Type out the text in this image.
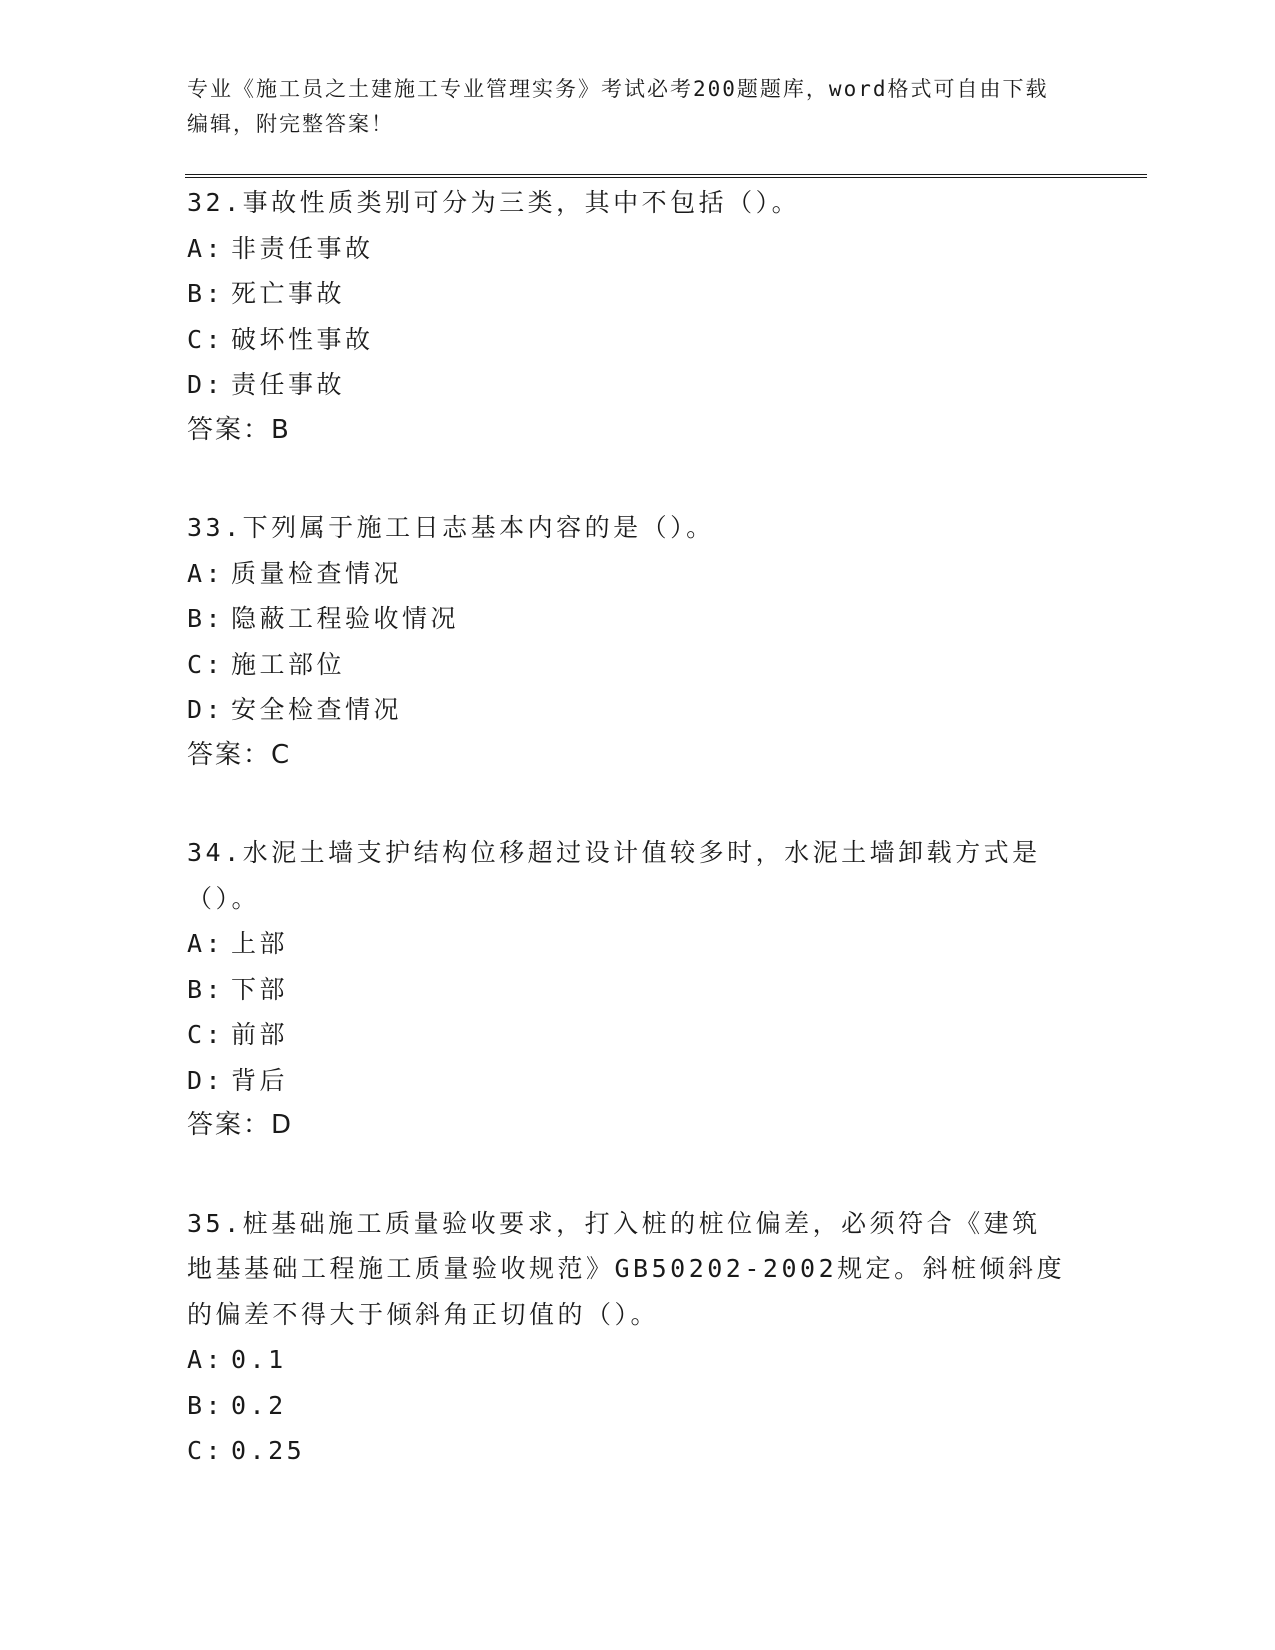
专业《施工员之土建施工专业管理实务》考试必考200题题库，word格式可自由下载编辑，附完整答案！
32.事故性质类别可分为三类，其中不包括（）。
A: 非责任事故
B: 死亡事故
C: 破坏性事故
D: 责任事故
答案：B
33.下列属于施工日志基本内容的是（）。
A: 质量检查情况
B: 隐蔽工程验收情况
C: 施工部位
D: 安全检查情况
答案：C
34.水泥土墙支护结构位移超过设计值较多时，水泥土墙卸载方式是（）。
A: 上部
B: 下部
C: 前部
D: 背后
答案：D
35.桩基础施工质量验收要求，打入桩的桩位偏差，必须符合《建筑地基基础工程施工质量验收规范》GB50202-2002规定。斜桩倾斜度的偏差不得大于倾斜角正切值的（）。
A: 0.1
B: 0.2
C: 0.25
